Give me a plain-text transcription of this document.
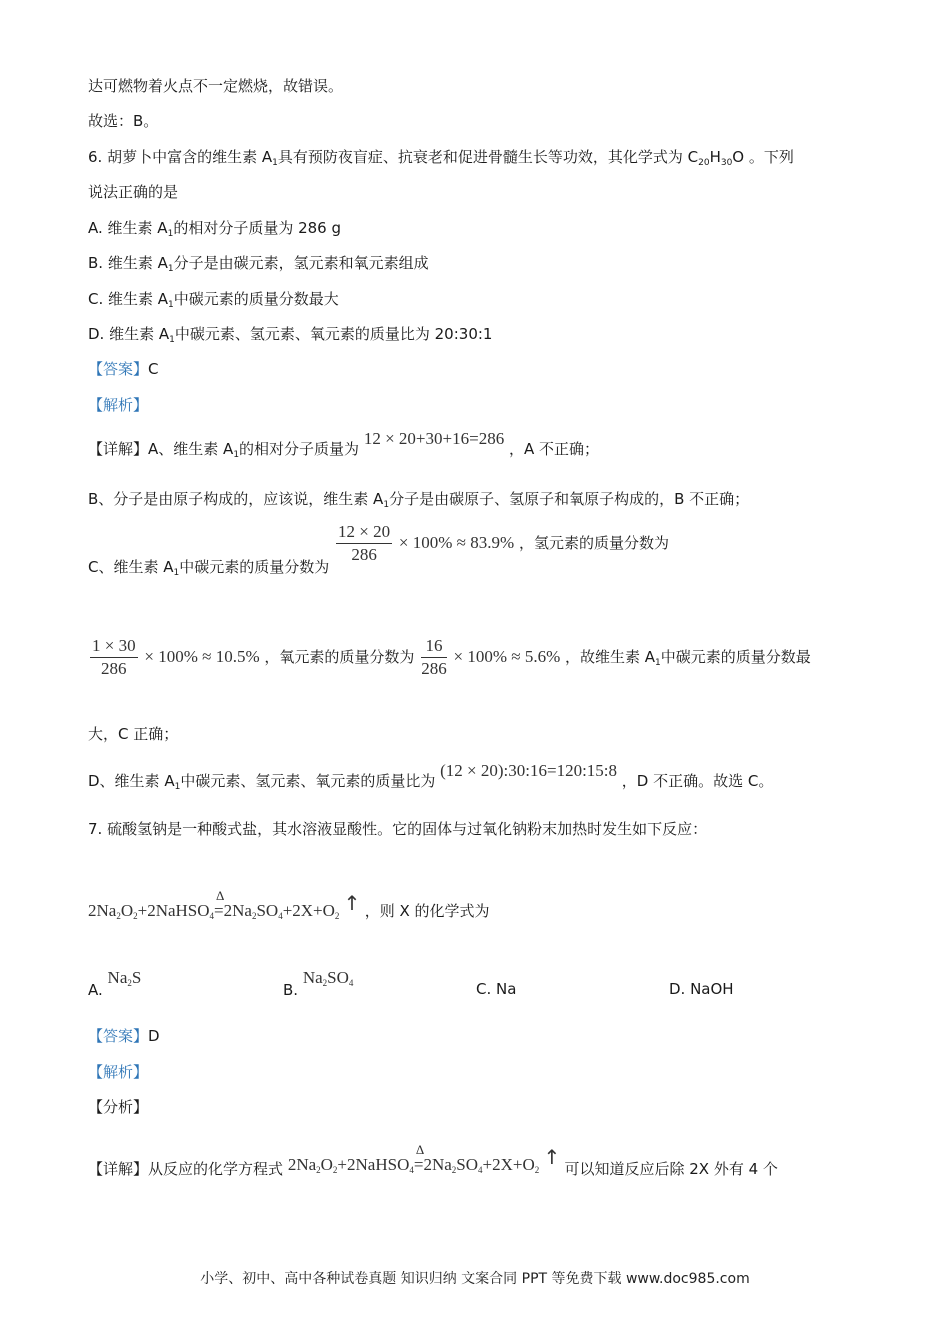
达可燃物着火点不一定燃烧，故错误。
故选：B。
6. 胡萝卜中富含的维生素 $A_1$具有预防夜盲症、抗衰老和促进骨髓生长等功效，其化学式为 $C_{20}H_{30}O$ 。下列
说法正确的是
A. 维生素 $A_1$的相对分子质量为 286 g
B. 维生素 $A_1$分子是由碳元素，氢元素和氧元素组成
C. 维生素 $A_1$中碳元素的质量分数最大
D. 维生素 $A_1$中碳元素、氢元素、氧元素的质量比为 20:30:1
【答案】C
【解析】
【详解】A、维生素 $A_1$的相对分子质量为 12 × 20+30+16=286 ，A 不正确；
B、分子是由原子构成的，应该说，维生素 $A_1$分子是由碳原子、氢原子和氧原子构成的，B 不正确；
C、维生素 $A_1$中碳元素的质量分数为
$\frac{12 \times 20}{286} \times 100\% \approx 83.9\%$ ，氢元素的质量分数为
$\frac{1 \times 30}{286} \times 100\% \approx 10.5\%$ ，氧元素的质量分数为 $\frac{16}{286} \times 100\% \approx 5.6\%$ ，故维生素 $A_1$中碳元素的质量分数最
大，C 正确；
D、维生素 $A_1$中碳元素、氢元素、氧元素的质量比为 (12 × 20):30:16=120:15:8 ，D 不正确。故选 C。
7. 硫酸氢钠是一种酸式盐，其水溶液显酸性。它的固体与过氧化钠粉末加热时发生如下反应：
$2Na_2O_2+2NaHSO_4$
Δ
$=2Na_2SO_4+2X+O_2$ ↑ ，则 X 的化学式为
A. $Na_2S$
B. $Na_2SO_4$	C. Na	D. NaOH
【答案】D
【解析】
【分析】
【详解】从反应的化学方程式 $2Na_2O_2+2NaHSO_4$
Δ
$=2Na_2SO_4+2X+O_2$ ↑ 可以知道反应后除 2X 外有 4 个
小学、初中、高中各种试卷真题 知识归纳 文案合同 PPT 等免费下载 www.doc985.com
